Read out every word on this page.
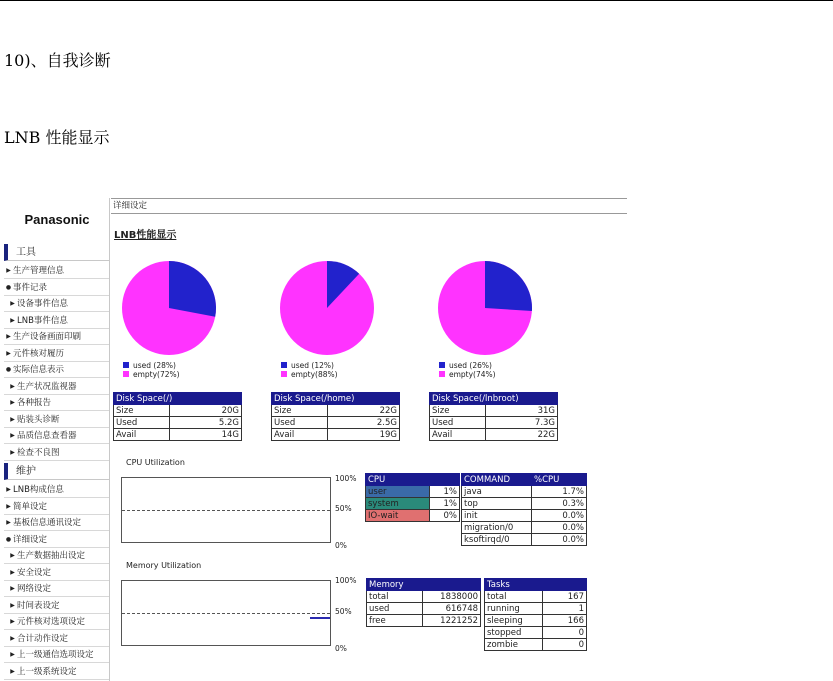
10)、自我诊断

LNB 性能显示

Panasonic
工具
▶ 生产管理信息
● 事件记录
▶ 设备事件信息
▶ LNB事件信息
▶ 生产设备画面印刷
▶ 元件核对履历
● 实际信息表示
▶ 生产状况监视器
▶ 各种报告
▶ 贴装头诊断
▶ 品质信息查看器
▶ 检查不良图
维护
▶ LNB构成信息
▶ 简单设定
▶ 基板信息通讯设定
● 详细设定
▶ 生产数据抽出设定
▶ 安全设定
▶ 网络设定
▶ 时间表设定
▶ 元件核对选项设定
▶ 合计动作设定
▶ 上一级通信选项设定
▶ 上一级系统设定
详细设定
LNB性能显示
used (28%)
empty(72%)
used (12%)
empty(88%)
used (26%)
empty(74%)
Disk Space(/)	
Size	20G
Used	5.2G
Avail	14G
Disk Space(/home)	
Size	22G
Used	2.5G
Avail	19G
Disk Space(/lnbroot)	
Size	31G
Used	7.3G
Avail	22G
CPU Utilization
100%
50%
0%
CPU	
user	1%
system	1%
IO-wait	0%
COMMAND	%CPU
java	1.7%
top	0.3%
init	0.0%
migration/0	0.0%
ksoftirqd/0	0.0%
Memory Utilization
100%
50%
0%
Memory	
total	1838000
used	616748
free	1221252
Tasks	
total	167
running	1
sleeping	166
stopped	0
zombie	0
